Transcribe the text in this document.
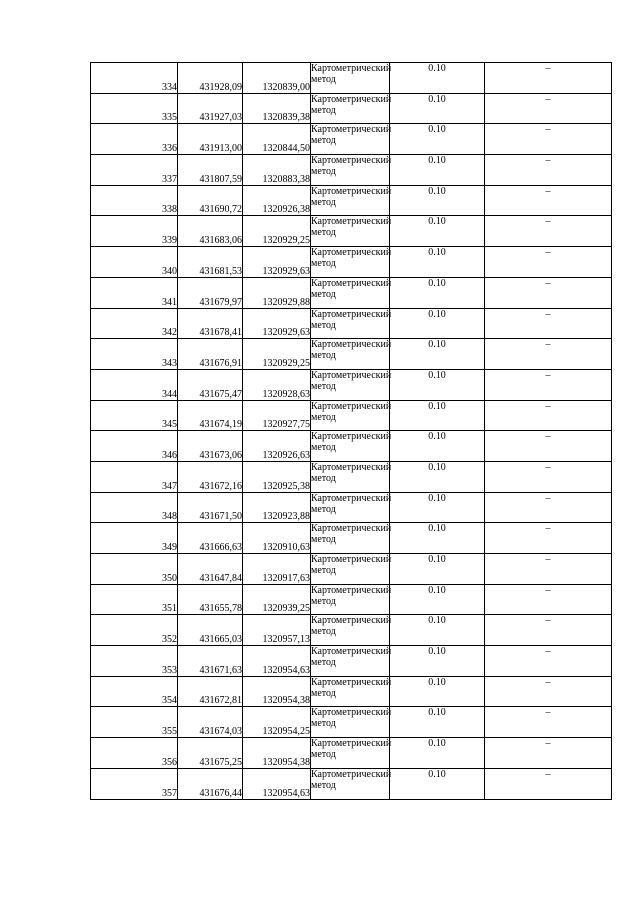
334	431928,09	1320839,00	Картометрический метод	0.10	–
335	431927,03	1320839,38	Картометрический метод	0.10	–
336	431913,00	1320844,50	Картометрический метод	0.10	–
337	431807,59	1320883,38	Картометрический метод	0.10	–
338	431690,72	1320926,38	Картометрический метод	0.10	–
339	431683,06	1320929,25	Картометрический метод	0.10	–
340	431681,53	1320929,63	Картометрический метод	0.10	–
341	431679,97	1320929,88	Картометрический метод	0.10	–
342	431678,41	1320929,63	Картометрический метод	0.10	–
343	431676,91	1320929,25	Картометрический метод	0.10	–
344	431675,47	1320928,63	Картометрический метод	0.10	–
345	431674,19	1320927,75	Картометрический метод	0.10	–
346	431673,06	1320926,63	Картометрический метод	0.10	–
347	431672,16	1320925,38	Картометрический метод	0.10	–
348	431671,50	1320923,88	Картометрический метод	0.10	–
349	431666,63	1320910,63	Картометрический метод	0.10	–
350	431647,84	1320917,63	Картометрический метод	0.10	–
351	431655,78	1320939,25	Картометрический метод	0.10	–
352	431665,03	1320957,13	Картометрический метод	0.10	–
353	431671,63	1320954,63	Картометрический метод	0.10	–
354	431672,81	1320954,38	Картометрический метод	0.10	–
355	431674,03	1320954,25	Картометрический метод	0.10	–
356	431675,25	1320954,38	Картометрический метод	0.10	–
357	431676,44	1320954,63	Картометрический метод	0.10	–
